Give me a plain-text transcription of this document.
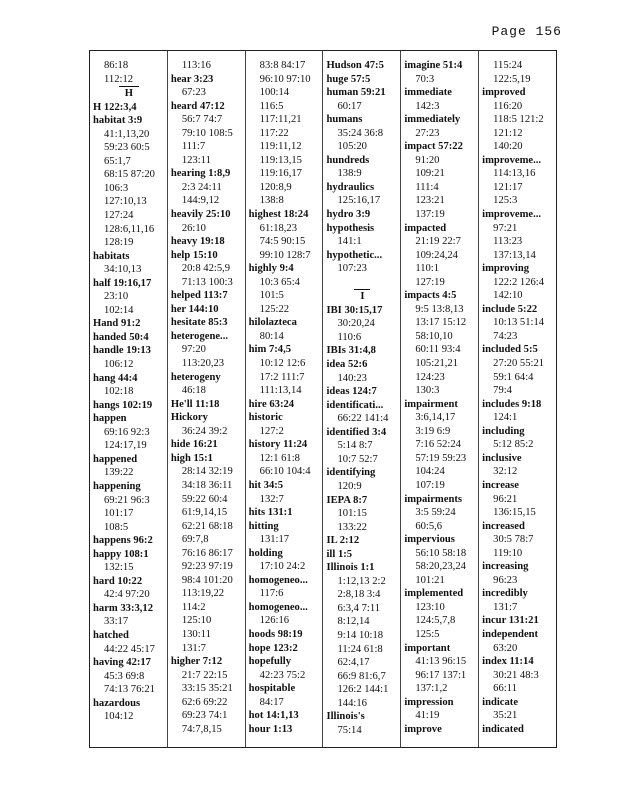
Page 156
86:18
112:12
H
H 122:3,4
habitat 3:9
41:1,13,20
59:23 60:5
65:1,7
68:15 87:20
106:3
127:10,13
127:24
128:6,11,16
128:19
habitats
34:10,13
half 19:16,17
23:10
102:14
Hand 91:2
handed 50:4
handle 19:13
106:12
hang 44:4
102:18
hangs 102:19
happen
69:16 92:3
124:17,19
happened
139:22
happening
69:21 96:3
101:17
108:5
happens 96:2
happy 108:1
132:15
hard 10:22
42:4 97:20
harm 33:3,12
33:17
hatched
44:22 45:17
having 42:17
45:3 69:8
74:13 76:21
hazardous
104:12
113:16
hear 3:23
67:23
heard 47:12
56:7 74:7
79:10 108:5
111:7
123:11
hearing 1:8,9
2:3 24:11
144:9,12
heavily 25:10
26:10
heavy 19:18
help 15:10
20:8 42:5,9
71:13 100:3
helped 113:7
her 144:10
hesitate 85:3
heterogene...
97:20
113:20,23
heterogeny
46:18
He'll 11:18
Hickory
36:24 39:2
hide 16:21
high 15:1
28:14 32:19
34:18 36:11
59:22 60:4
61:9,14,15
62:21 68:18
69:7,8
76:16 86:17
92:23 97:19
98:4 101:20
113:19,22
114:2
125:10
130:11
131:7
higher 7:12
21:7 22:15
33:15 35:21
62:6 69:22
69:23 74:1
74:7,8,15
83:8 84:17
96:10 97:10
100:14
116:5
117:11,21
117:22
119:11,12
119:13,15
119:16,17
120:8,9
138:8
highest 18:24
61:18,23
74:5 90:15
99:10 128:7
highly 9:4
10:3 65:4
101:5
125:22
hilolazteca
80:14
him 7:4,5
10:12 12:6
17:2 111:7
111:13,14
hire 63:24
historic
127:2
history 11:24
12:1 61:8
66:10 104:4
hit 34:5
132:7
hits 131:1
hitting
131:17
holding
17:10 24:2
homogeneo...
117:6
homogeneo...
126:16
hoods 98:19
hope 123:2
hopefully
42:23 75:2
hospitable
84:17
hot 14:1,13
hour 1:13
Hudson 47:5
huge 57:5
human 59:21
60:17
humans
35:24 36:8
105:20
hundreds
138:9
hydraulics
125:16,17
hydro 3:9
hypothesis
141:1
hypothetic...
107:23
I
IBI 30:15,17
30:20,24
110:6
IBIs 31:4,8
idea 52:6
140:23
ideas 124:7
identificati...
66:22 141:4
identified 3:4
5:14 8:7
10:7 52:7
identifying
120:9
IEPA 8:7
101:15
133:22
IL 2:12
ill 1:5
Illinois 1:1
1:12,13 2:2
2:8,18 3:4
6:3,4 7:11
8:12,14
9:14 10:18
11:24 61:8
62:4,17
66:9 81:6,7
126:2 144:1
144:16
Illinois's
75:14
imagine 51:4
70:3
immediate
142:3
immediately
27:23
impact 57:22
91:20
109:21
111:4
123:21
137:19
impacted
21:19 22:7
109:24,24
110:1
127:19
impacts 4:5
9:5 13:8,13
13:17 15:12
58:10,10
60:11 93:4
105:21,21
124:23
130:3
impairment
3:6,14,17
3:19 6:9
7:16 52:24
57:19 59:23
104:24
107:19
impairments
3:5 59:24
60:5,6
impervious
56:10 58:18
58:20,23,24
101:21
implemented
123:10
124:5,7,8
125:5
important
41:13 96:15
96:17 137:1
137:1,2
impression
41:19
improve
115:24
122:5,19
improved
116:20
118:5 121:2
121:12
140:20
improveme...
114:13,16
121:17
125:3
improveme...
97:21
113:23
137:13,14
improving
122:2 126:4
142:10
include 5:22
10:13 51:14
74:23
included 5:5
27:20 55:21
59:1 64:4
79:4
includes 9:18
124:1
including
5:12 85:2
inclusive
32:12
increase
96:21
136:15,15
increased
30:5 78:7
119:10
increasing
96:23
incredibly
131:7
incur 131:21
independent
63:20
index 11:14
30:21 48:3
66:11
indicate
35:21
indicated
